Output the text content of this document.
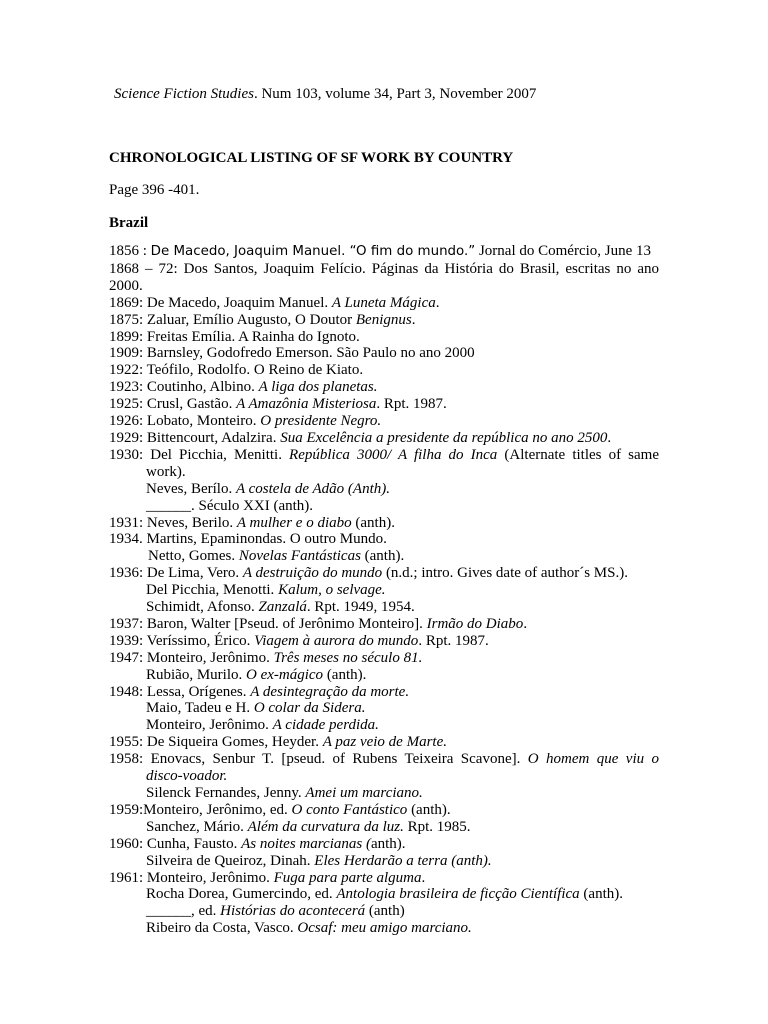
Science Fiction Studies. Num 103, volume 34, Part 3, November 2007
CHRONOLOGICAL LISTING OF SF WORK BY COUNTRY
Page 396 -401.
Brazil
1856 : De Macedo, Joaquim Manuel. “O fim do mundo.” Jornal do Comércio, June 13
1868 – 72: Dos Santos, Joaquim Felício. Páginas da História do Brasil, escritas no ano
2000.
1869: De Macedo, Joaquim Manuel. A Luneta Mágica.
1875: Zaluar, Emílio Augusto, O Doutor Benignus.
1899: Freitas Emília. A Rainha do Ignoto.
1909: Barnsley, Godofredo Emerson. São Paulo no ano 2000
1922: Teófilo, Rodolfo. O Reino de Kiato.
1923: Coutinho, Albino. A liga dos planetas.
1925: Crusl, Gastão. A Amazônia Misteriosa. Rpt. 1987.
1926: Lobato, Monteiro. O presidente Negro.
1929: Bittencourt, Adalzira. Sua Excelência a presidente da república no ano 2500.
1930: Del Picchia, Menitti. República 3000/ A filha do Inca (Alternate titles of same
work).
Neves, Berílo. A costela de Adão (Anth).
______. Século XXI (anth).
1931: Neves, Berilo. A mulher e o diabo (anth).
1934. Martins, Epaminondas. O outro Mundo.
Netto, Gomes. Novelas Fantásticas (anth).
1936: De Lima, Vero. A destruição do mundo (n.d.; intro. Gives date of author´s MS.).
Del Picchia, Menotti. Kalum, o selvage.
Schimidt, Afonso. Zanzalá. Rpt. 1949, 1954.
1937: Baron, Walter [Pseud. of Jerônimo Monteiro]. Irmão do Diabo.
1939: Veríssimo, Érico. Viagem à aurora do mundo. Rpt. 1987.
1947: Monteiro, Jerônimo. Três meses no século 81.
Rubião, Murilo. O ex-mágico (anth).
1948: Lessa, Orígenes. A desintegração da morte.
Maio, Tadeu e H. O colar da Sidera.
Monteiro, Jerônimo. A cidade perdida.
1955: De Siqueira Gomes, Heyder. A paz veio de Marte.
1958: Enovacs, Senbur T. [pseud. of Rubens Teixeira Scavone]. O homem que viu o
disco-voador.
Silenck Fernandes, Jenny. Amei um marciano.
1959:Monteiro, Jerônimo, ed. O conto Fantástico (anth).
Sanchez, Mário. Além da curvatura da luz. Rpt. 1985.
1960: Cunha, Fausto. As noites marcianas (anth).
Silveira de Queiroz, Dinah. Eles Herdarão a terra (anth).
1961: Monteiro, Jerônimo. Fuga para parte alguma.
Rocha Dorea, Gumercindo, ed. Antologia brasileira de ficção Científica (anth).
______, ed. Histórias do acontecerá (anth)
Ribeiro da Costa, Vasco. Ocsaf: meu amigo marciano.
